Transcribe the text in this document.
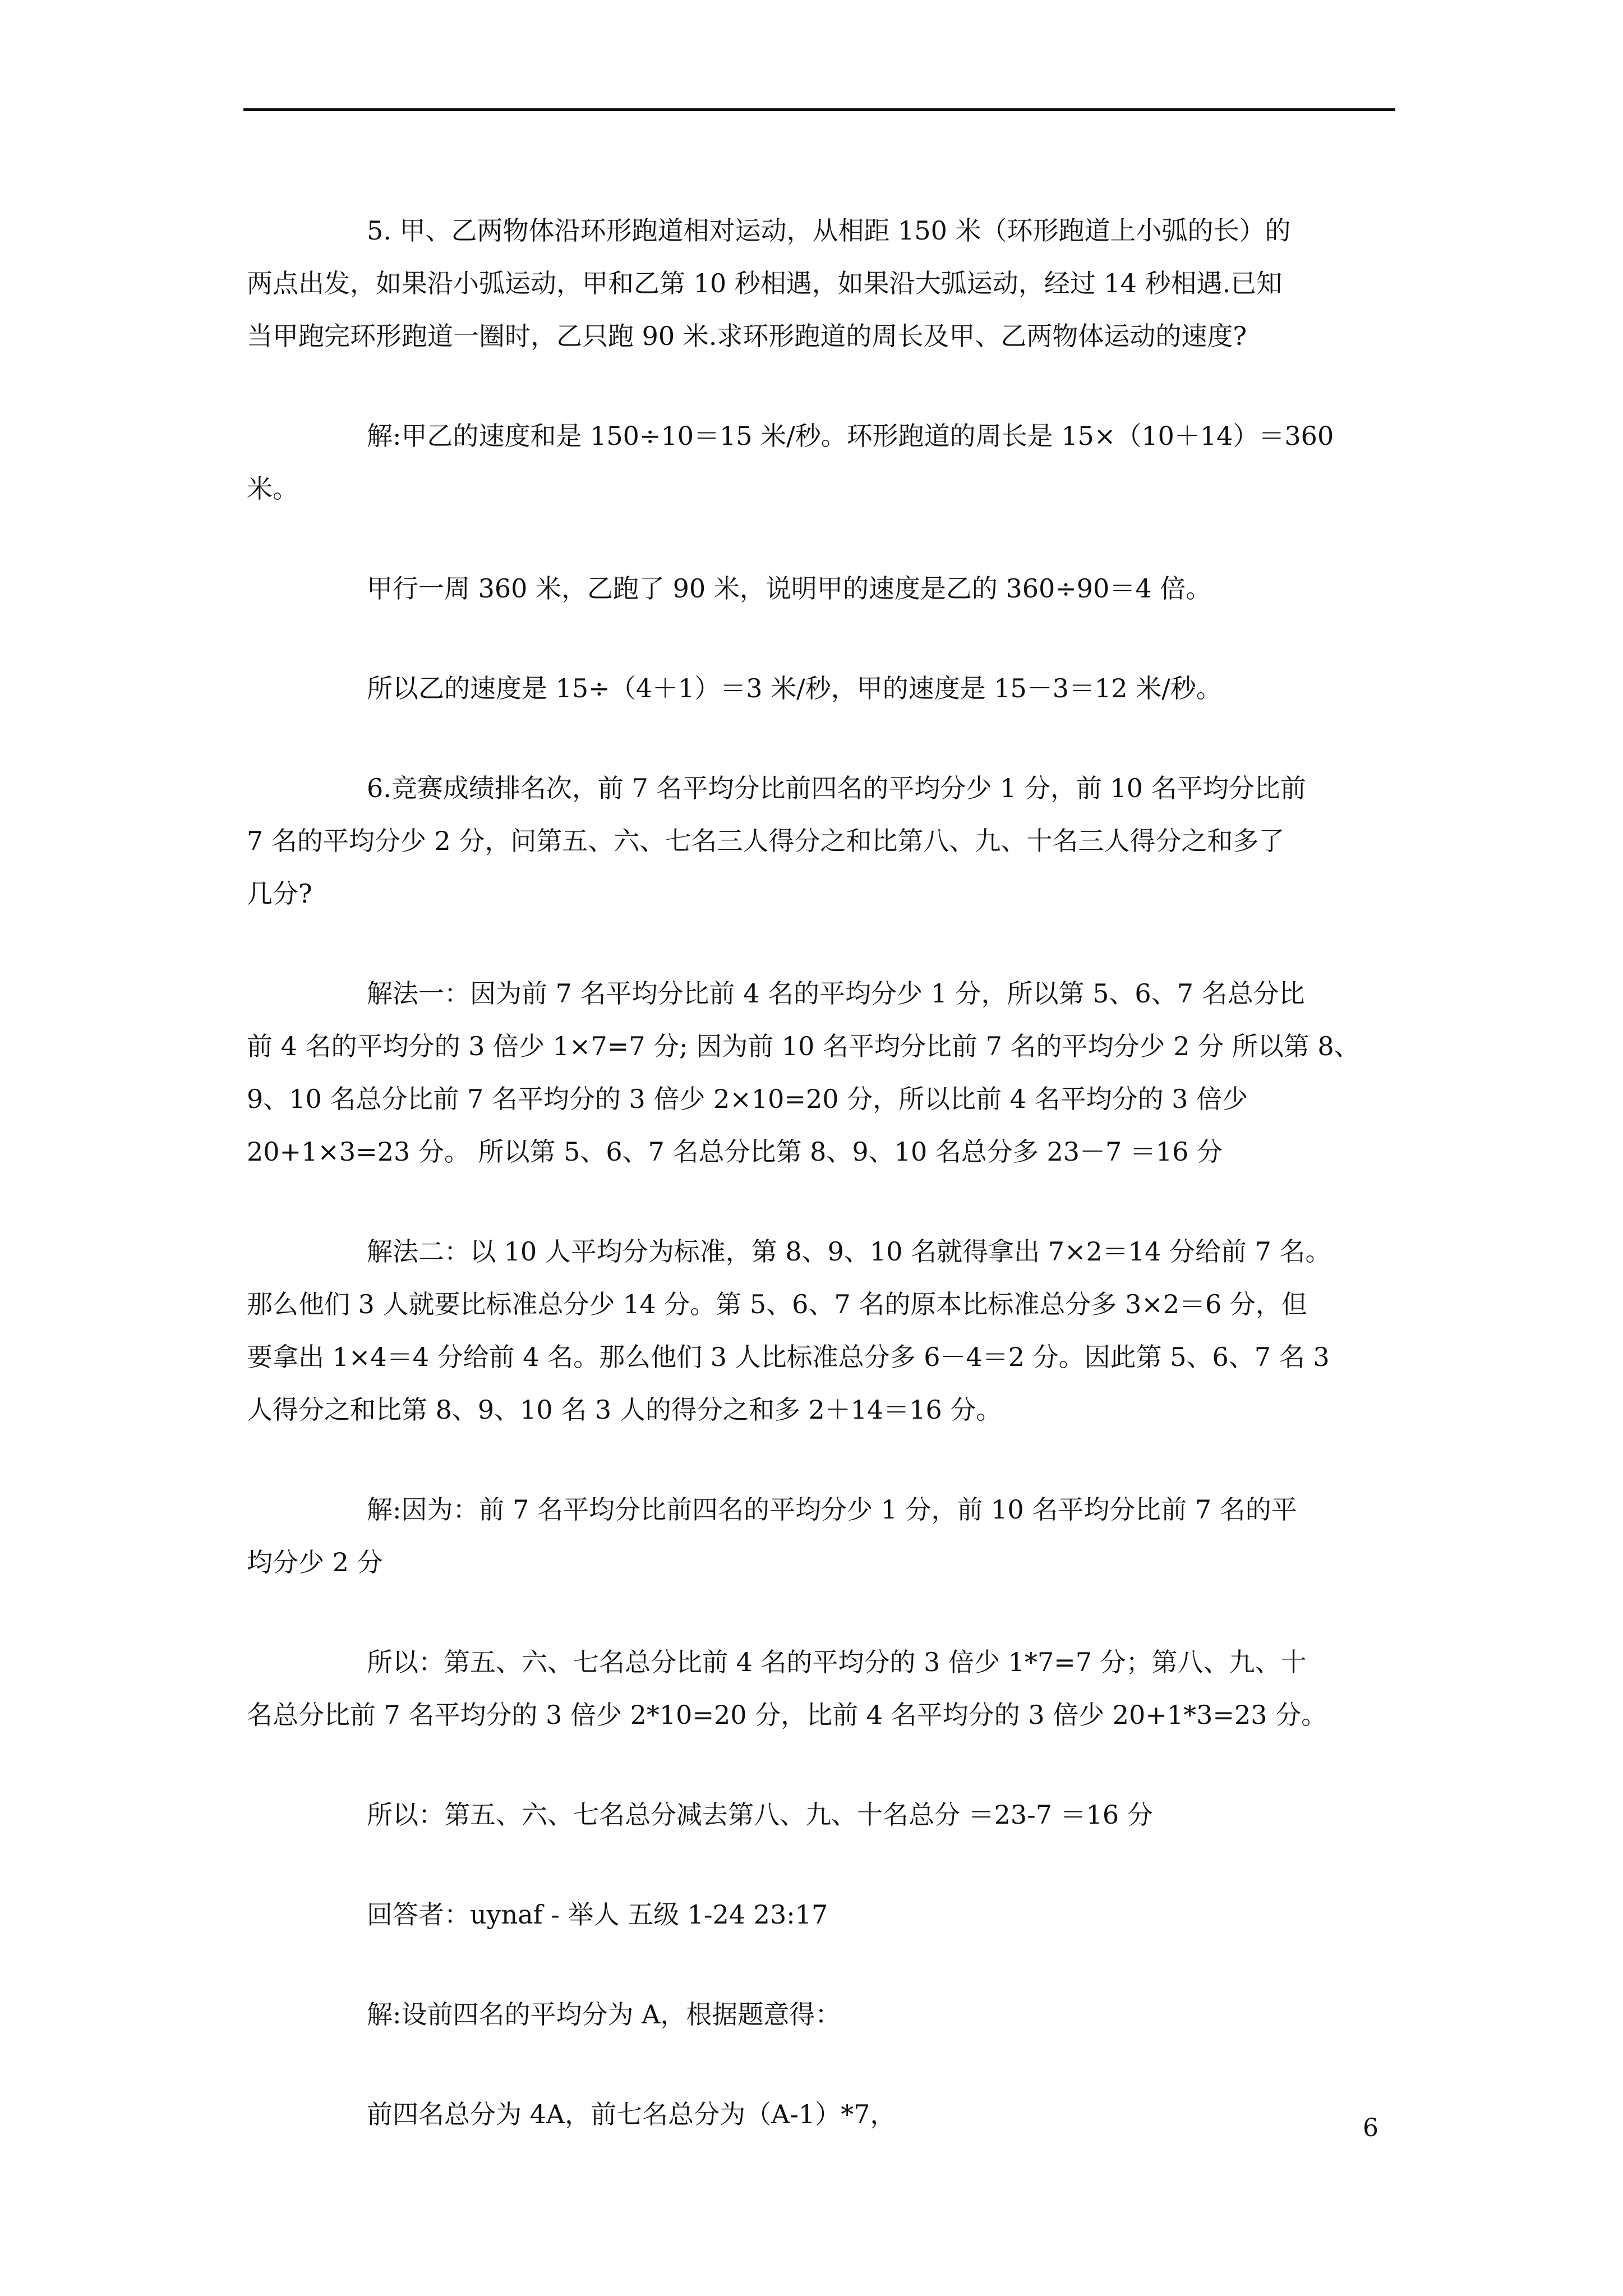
5. 甲、乙两物体沿环形跑道相对运动，从相距 150 米（环形跑道上小弧的长）的
两点出发，如果沿小弧运动，甲和乙第 10 秒相遇，如果沿大弧运动，经过 14 秒相遇.已知
当甲跑完环形跑道一圈时，乙只跑 90 米.求环形跑道的周长及甲、乙两物体运动的速度?

解:甲乙的速度和是 150÷10＝15 米/秒。环形跑道的周长是 15×（10＋14）＝360
米。

甲行一周 360 米，乙跑了 90 米，说明甲的速度是乙的 360÷90＝4 倍。

所以乙的速度是 15÷（4＋1）＝3 米/秒，甲的速度是 15－3＝12 米/秒。

6.竞赛成绩排名次，前 7 名平均分比前四名的平均分少 1 分，前 10 名平均分比前
7 名的平均分少 2 分，问第五、六、七名三人得分之和比第八、九、十名三人得分之和多了
几分?

解法一：因为前 7 名平均分比前 4 名的平均分少 1 分，所以第 5、6、7 名总分比
前 4 名的平均分的 3 倍少 1×7=7 分; 因为前 10 名平均分比前 7 名的平均分少 2 分 所以第 8、
9、10 名总分比前 7 名平均分的 3 倍少 2×10=20 分，所以比前 4 名平均分的 3 倍少
20+1×3=23 分。 所以第 5、6、7 名总分比第 8、9、10 名总分多 23－7 ＝16 分

解法二：以 10 人平均分为标准，第 8、9、10 名就得拿出 7×2＝14 分给前 7 名。
那么他们 3 人就要比标准总分少 14 分。第 5、6、7 名的原本比标准总分多 3×2＝6 分，但
要拿出 1×4＝4 分给前 4 名。那么他们 3 人比标准总分多 6－4＝2 分。因此第 5、6、7 名 3
人得分之和比第 8、9、10 名 3 人的得分之和多 2＋14＝16 分。

解:因为：前 7 名平均分比前四名的平均分少 1 分，前 10 名平均分比前 7 名的平
均分少 2 分

所以：第五、六、七名总分比前 4 名的平均分的 3 倍少 1*7=7 分；第八、九、十
名总分比前 7 名平均分的 3 倍少 2*10=20 分，比前 4 名平均分的 3 倍少 20+1*3=23 分。

所以：第五、六、七名总分减去第八、九、十名总分 ＝23-7 ＝16 分

回答者：uynaf - 举人 五级 1-24 23:17

解:设前四名的平均分为 A，根据题意得：

前四名总分为 4A，前七名总分为（A-1）*7，	6
